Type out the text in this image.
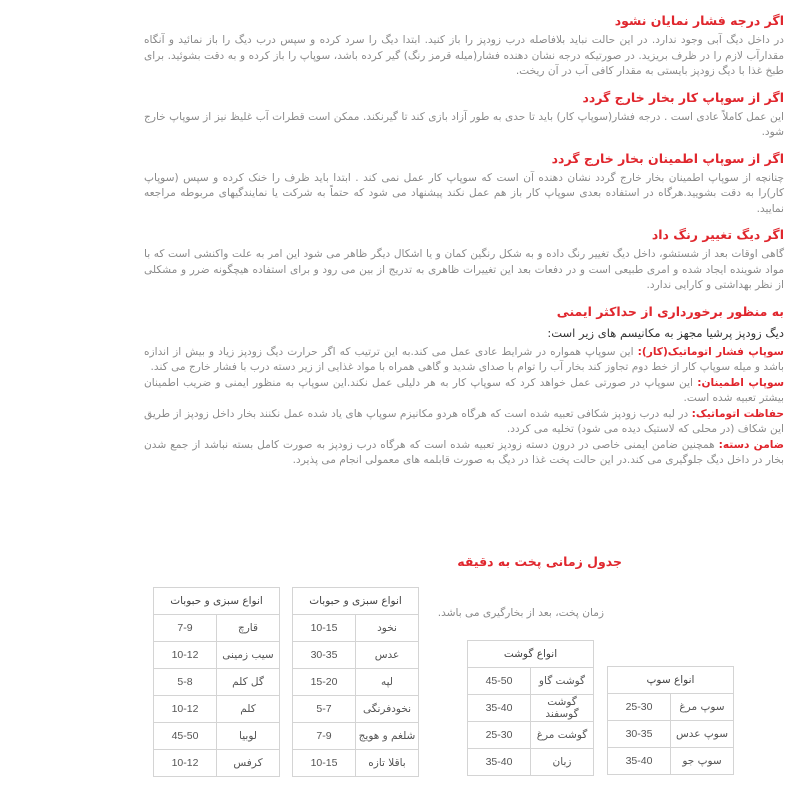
اگر درجه فشار نمایان نشود
در داخل دیگ آبی وجود ندارد. در این حالت نباید بلافاصله درب زودپز را باز کنید. ابتدا دیگ را سرد کرده و سپس درب دیگ را باز نمائید و آنگاه مقدارآب لازم را در ظرف بریزید. در صورتیکه درجه نشان دهنده فشار(میله قرمز رنگ) گیر کرده باشد، سوپاپ را باز کرده و به دقت بشوئید. برای طبخ غذا با دیگ زودپز بایستی به مقدار کافی آب در آن ریخت.
اگر از سوپاپ کار بخار خارج گردد
این عمل کاملاً عادی است . درجه فشار(سوپاپ کار) باید تا حدی به طور آزاد بازی کند تا گیرنکند. ممکن است قطرات آب غلیظ نیز از سوپاپ خارج شود.
اگر از سوپاپ اطمینان بخار خارج گردد
چنانچه از سوپاپ اطمینان بخار خارج گردد نشان دهنده آن است که سوپاپ کار عمل نمی کند . ابتدا باید ظرف را خنک کرده و سپس (سوپاپ کار)را به دقت بشوييد.هرگاه در استفاده بعدی سوپاپ کار باز هم عمل نکند پیشنهاد می شود که حتماً به شرکت یا نمایندگیهای مربوطه مراجعه نمایید.
اگر دیگ تغییر رنگ داد
گاهی اوقات بعد از شستشو، داخل دیگ تغییر رنگ داده و به شکل رنگین کمان و یا اشکال دیگر ظاهر می شود این امر به علت واکنشی است که با مواد شوینده ایجاد شده و امری طبیعی است و در دفعات بعد این تغییرات ظاهری به تدریج از بین می رود و برای استفاده هیچگونه ضرر و مشکلی از نظر بهداشتی و کارایی ندارد.
به منظور برخورداری از حداکثر ایمنی
دیگ زودپز پرشیا مجهز به مکانیسم های زیر است:
سوپاپ فشار اتوماتیک(کار): این سوپاپ همواره در شرایط عادی عمل می کند.به این ترتیب که اگر حرارت دیگ زودپز زیاد و بیش از اندازه باشد و میله سوپاپ کار از خط دوم تجاوز کند بخار آب را توام با صدای شدید و گاهی همراه با مواد غذایی از زیر دسته درب با فشار خارج می کند.
سوپاپ اطمینان: این سوپاپ در صورتی عمل خواهد کرد که سوپاپ کار به هر دلیلی عمل نکند.این سوپاپ به منظور ایمنی و ضریب اطمینان بیشتر تعبیه شده است.
حفاظت اتوماتیک: در لبه درب زودپز شکافی تعبیه شده است که هرگاه هردو مکانیزم سوپاپ های یاد شده عمل نکنند بخار داخل زودپز از طریق این شکاف (در محلی که لاستیک دیده می شود) تخلیه می کردد.
ضامن دسته: همچنین ضامن ایمنی خاصی در درون دسته زودپز تعبیه شده است که هرگاه درب زودپز به صورت کامل بسته نباشد از جمع شدن بخار در داخل دیگ جلوگیری می کند.در این حالت پخت غذا در دیگ به صورت قابلمه های معمولی انجام می پذیرد.
جدول زمانی پخت به دقیقه
زمان پخت، بعد از بخارگیری می باشد.
انواع سوپ	
سوپ مرغ	25-30
سوپ عدس	30-35
سوپ جو	35-40
انواع گوشت	
گوشت گاو	45-50
گوشت گوسفند	35-40
گوشت مرغ	25-30
زبان	35-40
انواع سبزی و حبوبات	
نخود	10-15
عدس	30-35
لپه	15-20
نخودفرنگی	5-7
شلغم و هویج	7-9
باقلا تازه	10-15
انواع سبزی و حبوبات	
قارچ	7-9
سیب زمینی	10-12
گل کلم	5-8
کلم	10-12
لوبیا	45-50
کرفس	10-12
